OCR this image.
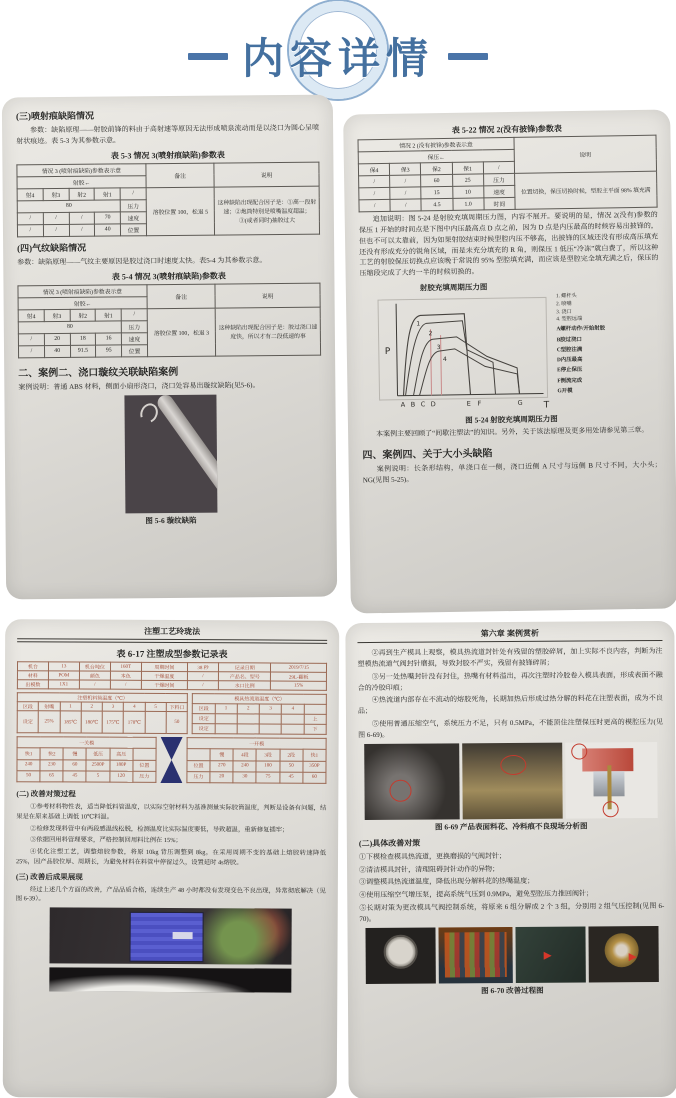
内容详情
(三)喷射痕缺陷情况

参数：缺陷原理——射胶前锋的料由于高射速等原因无法形成喷泉流动而是以浇口为圆心呈喷射状痕迹。表 5-3 为其参数示意。

表 5-3 情况 3(喷射痕缺陷)参数表
情况 3 (喷射痕缺陷)参数表示意					备注	说明
射胶←						
射4	射3	射2	射1	/	溶胶位置 100，松退 5	这种缺陷出现配合因子是：①高一段射速；②炮筒特别是喷嘴温度超温；③(或者同时)抽胶过大
80				压力		
/	/	/	70	速度		
/	/	/	40	位置		
(四)气纹缺陷情况

参数：缺陷原理——气纹主要原因是胶过浇口时速度太快。表5-4 为其参数示意。

表 5-4 情况 3(喷射痕缺陷)参数表
情况 3 (喷射痕缺陷)参数表示意					备注	说明
射胶←						
射4	射3	射2	射1	/	溶胶位置 100，松退 3	这种缺陷出现配合因子是：胶过浇口速度快，所以才有二段低速的事
80				压力		
/	20	18	16	速度		
/	40	91.5	95	位置		
二、案例二、浇口璇纹关联缺陷案例

案例说明：普通 ABS 材料，侧面小扇形浇口，浇口处容易出璇纹缺陷(见5-6)。

图 5-6 璇纹缺陷
表 5-22 情况 2(没有披锋)参数表
情况 2 (没有披锋)参数表示意					说明
保压←					
保4	保3	保2	保1	/	
/	/	60	25	压力	位置切换，保压切换时候，型腔主平面 98% 填充满
/	/	15	10	速度	
/	/	4.5	1.0	时间	

追加说明：图 5-24 是射胶充填周期压力图，内容不展开。要说明的是，情况 2(没有)参数的保压 1 开始的时间点是下图中内压最高点 D 点之前，因为 D 点是内压最高的时候容易出披锋的，但也不可以太靠前，因为如果射胶结束时候型腔内压不够高，出披锋的区域还没有形成高压填充还没有形成充分的锐角区域，而是未充分填充的 R 角，则保压 1 低压“冷冻”就白费了，所以这种工艺的射胶保压切换点应该晚于常说的 95% 型腔填充满，而应该是型腔完全填充满之后，保压的压缩段完成了大约一半的时候切换的。

射胶充填周期压力图
P
T
1
2
3
4
A B C D	E F	G
1. 螺杆头
2. 喷嘴
3. 浇口
4. 型腔远端
A螺杆动作/开始射胶
B胶过浇口
C型腔注满
D内压最高
E停止保压
F倒流完成
G开模
图 5-24 射胶充填周期压力图

本案例主要回顾了“间歇注塑法”的知识。另外，关于该法原理及更多用处请参见第三章。

四、案例四、关于大小头缺陷

案例说明：长条形结构，单浇口在一侧，浇口近侧 A 尺寸与远侧 B 尺寸不同，大小头；NG(见图 5-25)。

注塑工艺玲珑法
表 6-17 注塑成型参数记录表
机台	13	机台吨位	160T	周期时间	38 秒	记录日期	2019/7/15
材料	POM	颜色	本色	干燥温度	/	产品名、型号	29L-翻板
出模数	1X1	/	/	干燥时间	/	水口比例	15%
注塑机料筒温度（℃）							
区段	射嘴	1	2	3	4	5	下料口
设定	25%	185℃	180℃	175℃	170℃		50
模具热流道温度（℃）					
区段	1	2	3	4	
设定					上
设定					下
一关模					
快1	快2	慢	低压	高压	
240	230	60	2500P	180P	位置
50	65	45	5	120	压力
一开模					
	慢	4段	3段	2段	快1
位置	270	240	100	50	350P
压力	20	30	75	45	60
(二) 改善对策过程

①参考材料物性表，适当降低料管温度，以实际空射材料为基准测量实际胶筒温度，判断是设备有问题，结果是在原来基础上调低 10℃料温。

②检修发现料管中有两段感温线松脱，检测温度比实际温度要低，导致超温，重新修复插牢；

③依据回用料管理要求，严格控制回用料比例在 15%；

④优化注塑工艺，调整熔胶参数，将原 10kg 背压调整到 8kg，在采用周期不变的基础上熔胶转速降低 25%，因产品胶位厚、周期长，为避免材料在料管中停留过久，设置延时 4s熔胶。

(三) 改善后成果展现

经过上述几个方面的改善，产品品质合格，连续生产 48 小时都没有发现变色不良出现，异常彻底解决（见图 6-39）。

第六章 案例赏析

②再到生产模具上观察，模具热流道封针处有残留的塑胶碎屑，加上实际不良内容，判断为注塑模热流道气阀封针磨损，导致封胶不严实，残留有披锋碎屑；

③另一处热嘴封针没有封住，热嘴有材料溢出，再次注塑时冷胶卷入模具表面，形成表面不融合的冷胶印痕；

④热流道内部存在不流动的熔胶死角，长期加热后形成过热分解的料花在注塑表面，成为不良品；

⑤使用普通压缩空气，系统压力不足，只有 0.5MPa，不能顶住注塑保压时更高的模腔压力(见图 6-69)。

图 6-69 产品表面料花、冷料痕不良现场分析图
(二)具体改善对策

①下模检查模具热流道，更换磨损的气阀封针；

②清洁模具封针，清理阻碍封针动作的异物；

③调整模具热流道温度，降低出现分解料花的热嘴温度；

④使用压缩空气增压泵，提高系统气压到 0.9MPa，避免型腔压力推回阀针；

⑤长期对策为更改模具气阀控制系统，将原来 6 组分解成 2 个 3 组，分别用 2 组气压控制(见图 6-70)。

图 6-70 改善过程图
